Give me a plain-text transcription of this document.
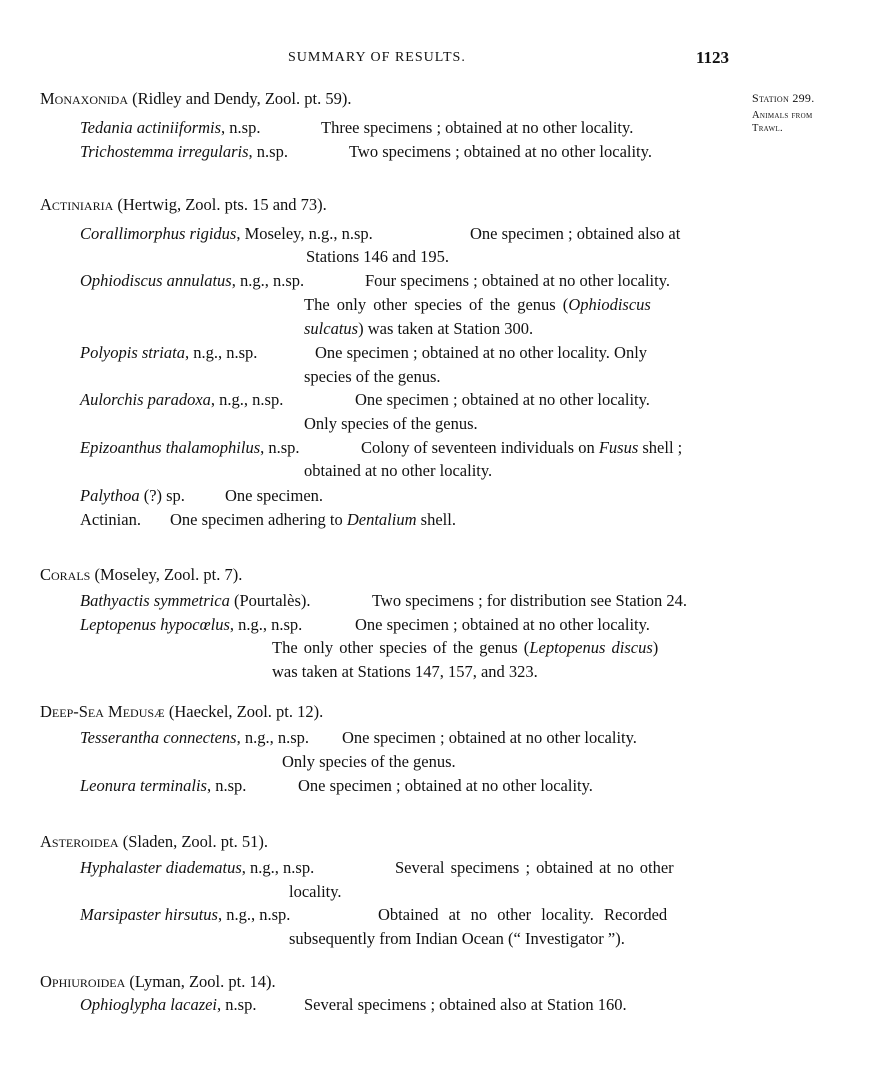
SUMMARY OF RESULTS.	1123
Station 299.
Animals from
Trawl.
Monaxonida (Ridley and Dendy, Zool. pt. 59).
Tedania actiniiformis, n.sp.	Three specimens ; obtained at no other locality.
Trichostemma irregularis, n.sp.	Two specimens ; obtained at no other locality.
Actiniaria (Hertwig, Zool. pts. 15 and 73).
Corallimorphus rigidus, Moseley, n.g., n.sp.	One specimen ; obtained also at
Stations 146 and 195.
Ophiodiscus annulatus, n.g., n.sp.	Four specimens ; obtained at no other locality.
The only other species of the genus (Ophiodiscus
sulcatus) was taken at Station 300.
Polyopis striata, n.g., n.sp.	One specimen ; obtained at no other locality. Only
species of the genus.
Aulorchis paradoxa, n.g., n.sp.	One specimen ; obtained at no other locality.
Only species of the genus.
Epizoanthus thalamophilus, n.sp.	Colony of seventeen individuals on Fusus shell ;
obtained at no other locality.
Palythoa (?) sp. One specimen.
Actinian. One specimen adhering to Dentalium shell.
Corals (Moseley, Zool. pt. 7).
Bathyactis symmetrica (Pourtalès).	Two specimens ; for distribution see Station 24.
Leptopenus hypocœlus, n.g., n.sp.	One specimen ; obtained at no other locality.
The only other species of the genus (Leptopenus discus)
was taken at Stations 147, 157, and 323.
Deep-Sea Medusæ (Haeckel, Zool. pt. 12).
Tesserantha connectens, n.g., n.sp. One specimen ; obtained at no other locality.
Only species of the genus.
Leonura terminalis, n.sp.	One specimen ; obtained at no other locality.
Asteroidea (Sladen, Zool. pt. 51).
Hyphalaster diadematus, n.g., n.sp.	Several specimens ; obtained at no other
locality.
Marsipaster hirsutus, n.g., n.sp.	Obtained at no other locality. Recorded
subsequently from Indian Ocean (“ Investigator ”).
Ophiuroidea (Lyman, Zool. pt. 14).
Ophioglypha lacazei, n.sp.	Several specimens ; obtained also at Station 160.
